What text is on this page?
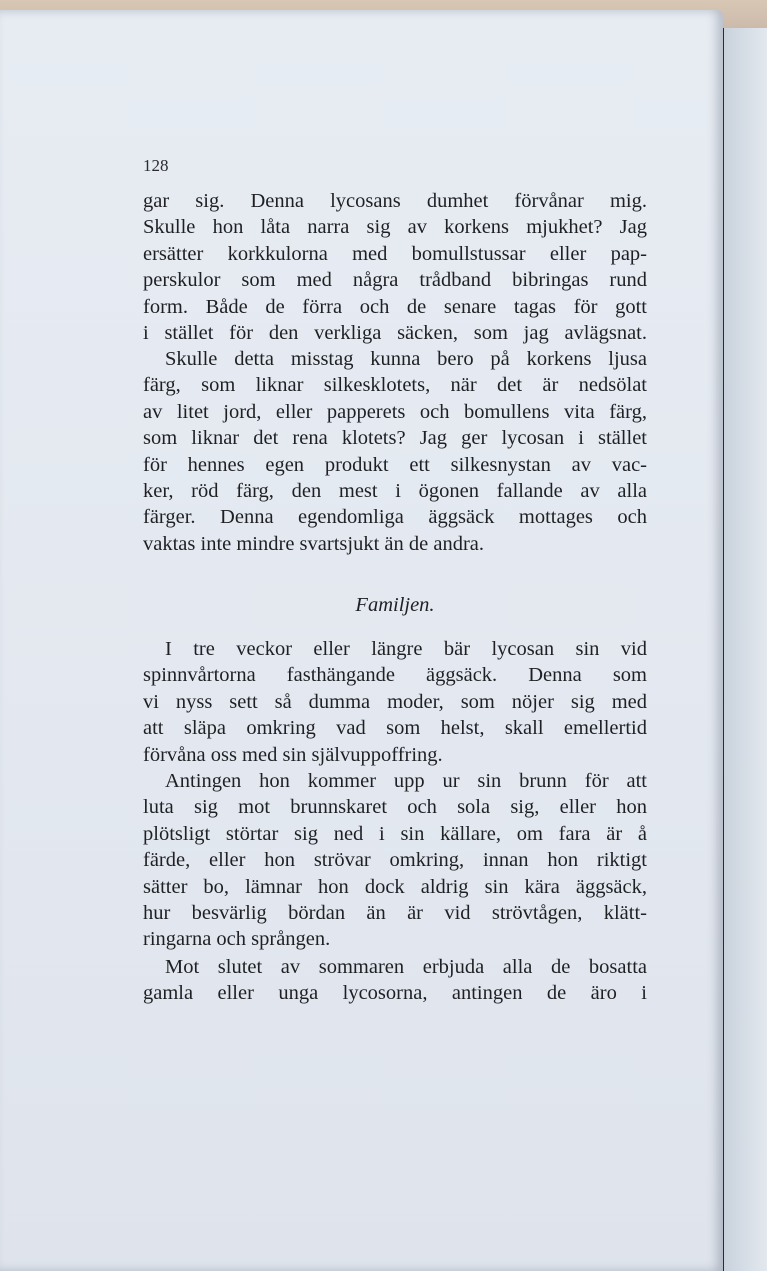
128
gar sig. Denna lycosans dumhet förvånar mig.
Skulle hon låta narra sig av korkens mjukhet? Jag
ersätter korkkulorna med bomullstussar eller pap-
perskulor som med några trådband bibringas rund
form. Både de förra och de senare tagas för gott
i stället för den verkliga säcken, som jag avlägsnat.
Skulle detta misstag kunna bero på korkens ljusa
färg, som liknar silkesklotets, när det är nedsölat
av litet jord, eller papperets och bomullens vita färg,
som liknar det rena klotets? Jag ger lycosan i stället
för hennes egen produkt ett silkesnystan av vac-
ker, röd färg, den mest i ögonen fallande av alla
färger. Denna egendomliga äggsäck mottages och
vaktas inte mindre svartsjukt än de andra.
Familjen.
I tre veckor eller längre bär lycosan sin vid
spinnvårtorna fasthängande äggsäck. Denna som
vi nyss sett så dumma moder, som nöjer sig med
att släpa omkring vad som helst, skall emellertid
förvåna oss med sin självuppoffring.
Antingen hon kommer upp ur sin brunn för att
luta sig mot brunnskaret och sola sig, eller hon
plötsligt störtar sig ned i sin källare, om fara är å
färde, eller hon strövar omkring, innan hon riktigt
sätter bo, lämnar hon dock aldrig sin kära äggsäck,
hur besvärlig bördan än är vid strövtågen, klätt-
ringarna och sprången.
Mot slutet av sommaren erbjuda alla de bosatta
gamla eller unga lycosorna, antingen de äro i
